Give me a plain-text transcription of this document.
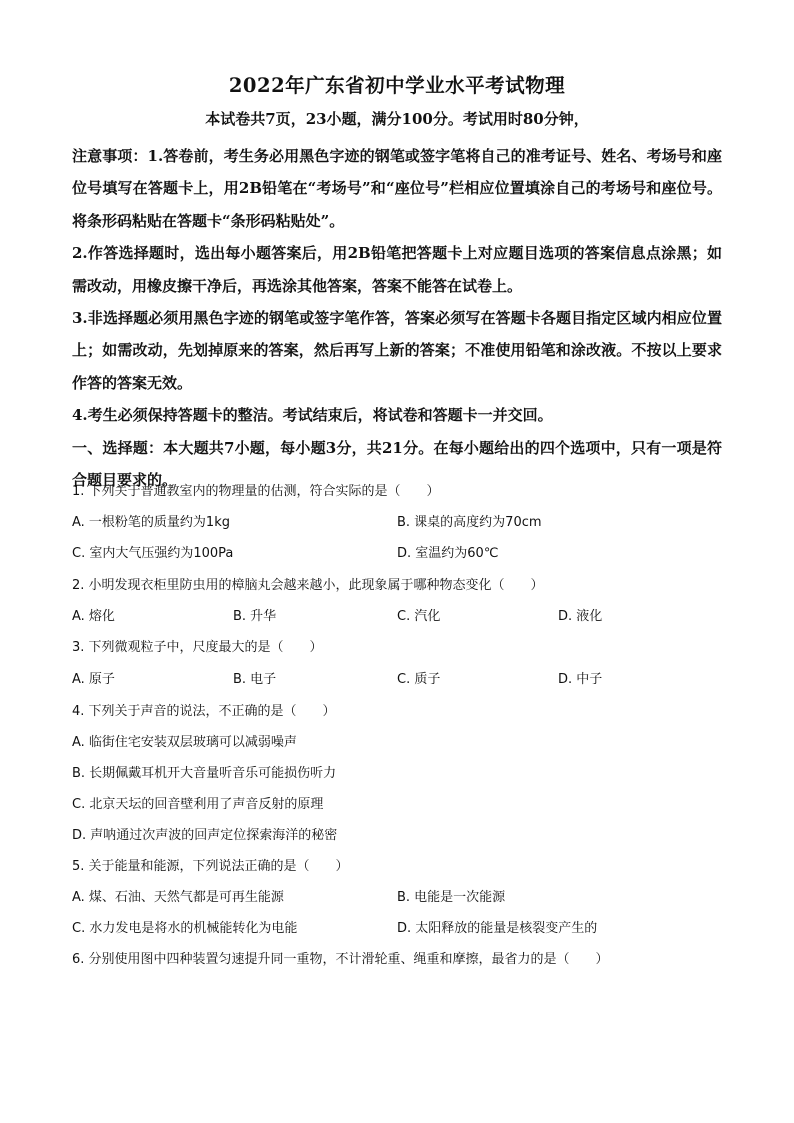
2022年广东省初中学业水平考试物理
本试卷共7页，23小题，满分100分。考试用时80分钟，

注意事项：1.答卷前，考生务必用黑色字迹的钢笔或签字笔将自己的准考证号、姓名、考场号和座位号填写在答题卡上，用2B铅笔在“考场号”和“座位号”栏相应位置填涂自己的考场号和座位号。将条形码粘贴在答题卡“条形码粘贴处”。

2.作答选择题时，选出每小题答案后，用2B铅笔把答题卡上对应题目选项的答案信息点涂黑；如需改动，用橡皮擦干净后，再选涂其他答案，答案不能答在试卷上。

3.非选择题必须用黑色字迹的钢笔或签字笔作答，答案必须写在答题卡各题目指定区域内相应位置上；如需改动，先划掉原来的答案，然后再写上新的答案；不准使用铅笔和涂改液。不按以上要求作答的答案无效。

4.考生必须保持答题卡的整洁。考试结束后，将试卷和答题卡一并交回。

一、选择题：本大题共7小题，每小题3分，共21分。在每小题给出的四个选项中，只有一项是符合题目要求的。

1. 下列关于普通教室内的物理量的估测，符合实际的是（　　）
A. 一根粉笔的质量约为1kg	B. 课桌的高度约为70cm
C. 室内大气压强约为100Pa	D. 室温约为60℃
2. 小明发现衣柜里防虫用的樟脑丸会越来越小，此现象属于哪种物态变化（　　）
A. 熔化	B. 升华	C. 汽化	D. 液化
3. 下列微观粒子中，尺度最大的是（　　）
A. 原子	B. 电子	C. 质子	D. 中子
4. 下列关于声音的说法，不正确的是（　　）
A. 临街住宅安装双层玻璃可以减弱噪声
B. 长期佩戴耳机开大音量听音乐可能损伤听力
C. 北京天坛的回音壁利用了声音反射的原理
D. 声呐通过次声波的回声定位探索海洋的秘密
5. 关于能量和能源，下列说法正确的是（　　）
A. 煤、石油、天然气都是可再生能源	B. 电能是一次能源
C. 水力发电是将水的机械能转化为电能	D. 太阳释放的能量是核裂变产生的
6. 分别使用图中四种装置匀速提升同一重物，不计滑轮重、绳重和摩擦，最省力的是（　　）
